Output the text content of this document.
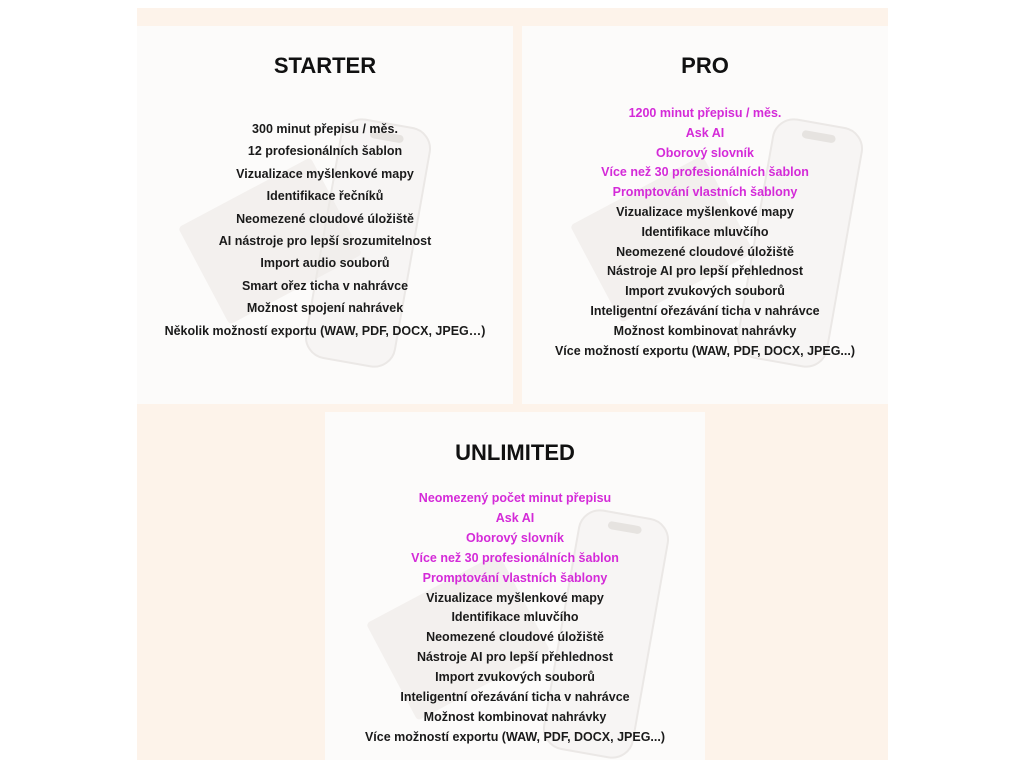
STARTER
300 minut přepisu / měs.
12 profesionálních šablon
Vizualizace myšlenkové mapy
Identifikace řečníků
Neomezené cloudové úložiště
AI nástroje pro lepší srozumitelnost
Import audio souborů
Smart ořez ticha v nahrávce
Možnost spojení nahrávek
Několik možností exportu (WAW, PDF, DOCX, JPEG…)
PRO
1200 minut přepisu / měs.
Ask AI
Oborový slovník
Více než 30 profesionálních šablon
Promptování vlastních šablony
Vizualizace myšlenkové mapy
Identifikace mluvčího
Neomezené cloudové úložiště
Nástroje AI pro lepší přehlednost
Import zvukových souborů
Inteligentní ořezávání ticha v nahrávce
Možnost kombinovat nahrávky
Více možností exportu (WAW, PDF, DOCX, JPEG...)
UNLIMITED
Neomezený počet minut přepisu
Ask AI
Oborový slovník
Více než 30 profesionálních šablon
Promptování vlastních šablony
Vizualizace myšlenkové mapy
Identifikace mluvčího
Neomezené cloudové úložiště
Nástroje AI pro lepší přehlednost
Import zvukových souborů
Inteligentní ořezávání ticha v nahrávce
Možnost kombinovat nahrávky
Více možností exportu (WAW, PDF, DOCX, JPEG...)
